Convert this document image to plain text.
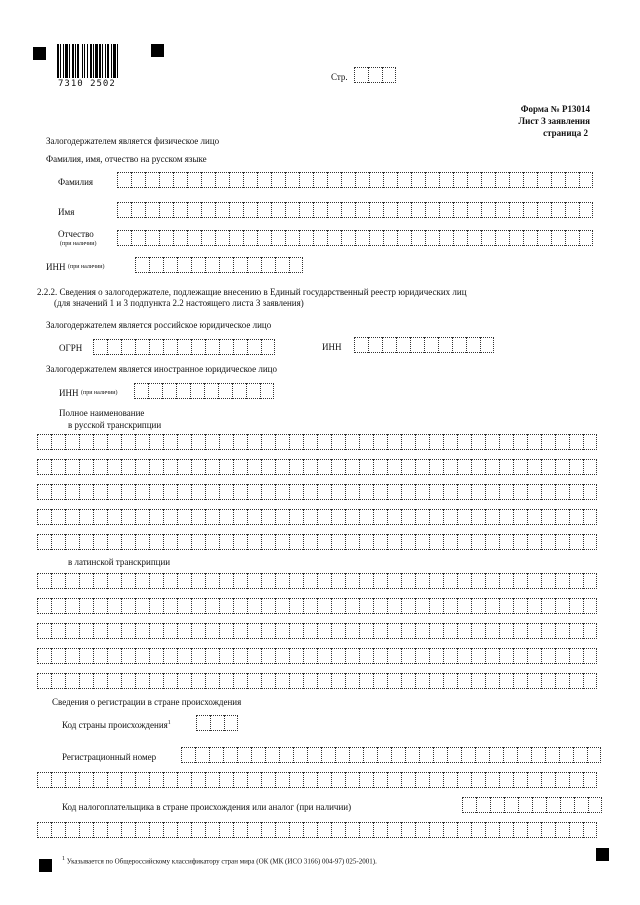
7310 2502
Стр.
Форма № Р13014
Лист З заявления
страница 2
Залогодержателем является физическое лицо
Фамилия, имя, отчество на русском языке
Фамилия
Имя
Отчество
(при наличии)
ИНН (при наличии)
2.2.2. Сведения о залогодержателе, подлежащие внесению в Единый государственный реестр юридических лиц
(для значений 1 и 3 подпункта 2.2 настоящего листа З заявления)
Залогодержателем является российское юридическое лицо
ОГРН	ИНН
Залогодержателем является иностранное юридическое лицо
ИНН (при наличии)
Полное наименование
в русской транскрипции
в латинской транскрипции
Сведения о регистрации в стране происхождения
Код страны происхождения$^1$
Регистрационный номер
Код налогоплательщика в стране происхождения или аналог (при наличии)
$^1$ Указывается по Общероссийскому классификатору стран мира (ОК (МК (ИСО 3166) 004-97) 025-2001).
